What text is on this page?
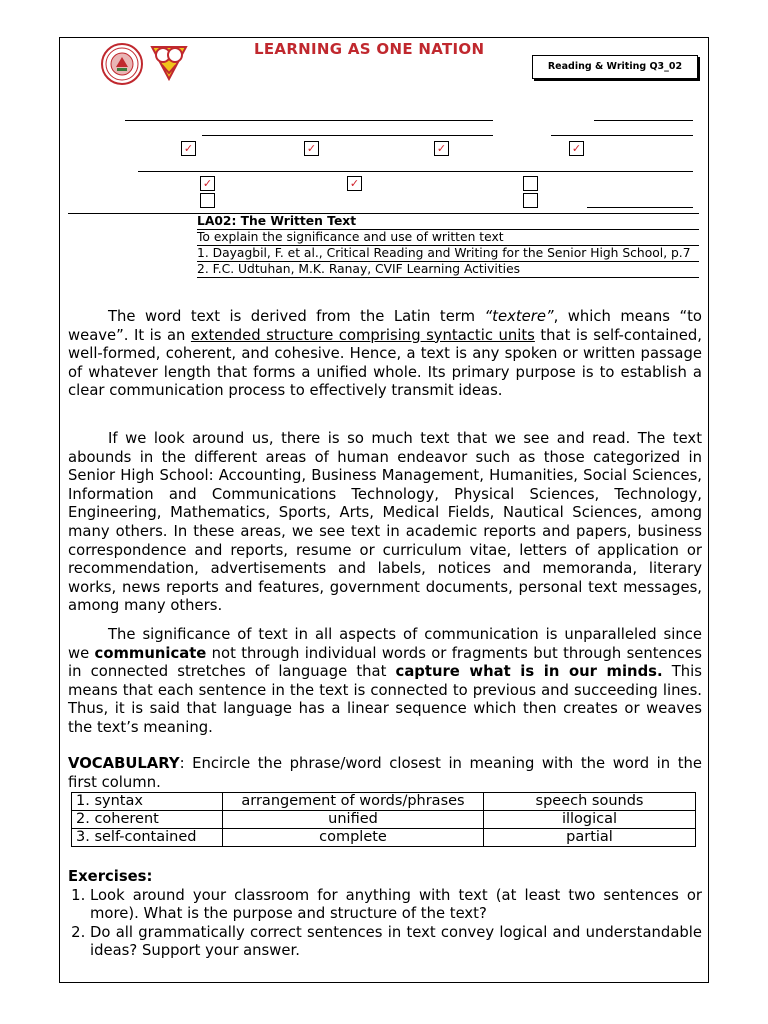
LEARNING AS ONE NATION
Reading & Writing Q3_02
✓	✓	✓	✓
✓	✓
LA02: The Written Text
To explain the significance and use of written text
1. Dayagbil, F. et al., Critical Reading and Writing for the Senior High School, p.7
2. F.C. Udtuhan, M.K. Ranay, CVIF Learning Activities

The word text is derived from the Latin term “textere”, which means “to weave”. It is an extended structure comprising syntactic units that is self-contained, well-formed, coherent, and cohesive. Hence, a text is any spoken or written passage of whatever length that forms a unified whole. Its primary purpose is to establish a clear communication process to effectively transmit ideas.

If we look around us, there is so much text that we see and read. The text abounds in the different areas of human endeavor such as those categorized in Senior High School: Accounting, Business Management, Humanities, Social Sciences, Information and Communications Technology, Physical Sciences, Technology, Engineering, Mathematics, Sports, Arts, Medical Fields, Nautical Sciences, among many others. In these areas, we see text in academic reports and papers, business correspondence and reports, resume or curriculum vitae, letters of application or recommendation, advertisements and labels, notices and memoranda, literary works, news reports and features, government documents, personal text messages, among many others.

The significance of text in all aspects of communication is unparalleled since we communicate not through individual words or fragments but through sentences in connected stretches of language that capture what is in our minds. This means that each sentence in the text is connected to previous and succeeding lines. Thus, it is said that language has a linear sequence which then creates or weaves the text’s meaning.

VOCABULARY: Encircle the phrase/word closest in meaning with the word in the first column.

1. syntax	arrangement of words/phrases	speech sounds
2. coherent	unified	illogical
3. self-contained	complete	partial

Exercises:

1. Look around your classroom for anything with text (at least two sentences or more). What is the purpose and structure of the text?
2. Do all grammatically correct sentences in text convey logical and understandable ideas? Support your answer.
